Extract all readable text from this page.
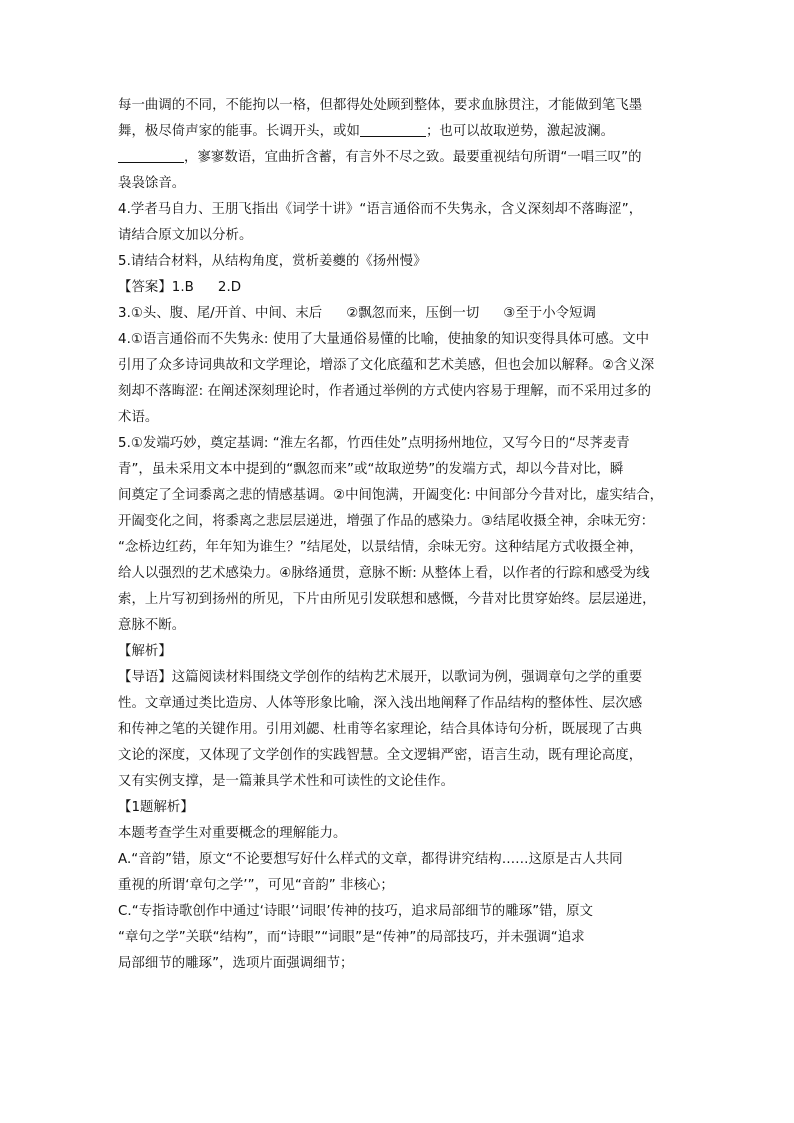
每一曲调的不同，不能拘以一格，但都得处处顾到整体，要求血脉贯注，才能做到笔飞墨
舞，极尽倚声家的能事。长调开头，或如	；也可以故取逆势，激起波澜。
，寥寥数语，宜曲折含蓄，有言外不尽之致。最要重视结句所谓“一唱三叹”的
袅袅馀音。
4.学者马自力、王朋飞指出《词学十讲》“语言通俗而不失隽永，含义深刻却不落晦涩”，
请结合原文加以分析。
5.请结合材料，从结构角度，赏析姜夔的《扬州慢》
【答案】1.B 2.D
3.①头、腹、尾/开首、中间、末后 ②飘忽而来，压倒一切 ③至于小令短调
4.①语言通俗而不失隽永: 使用了大量通俗易懂的比喻，使抽象的知识变得具体可感。文中
引用了众多诗词典故和文学理论，增添了文化底蕴和艺术美感，但也会加以解释。②含义深
刻却不落晦涩: 在阐述深刻理论时，作者通过举例的方式使内容易于理解，而不采用过多的
术语。
5.①发端巧妙，奠定基调: “淮左名都，竹西佳处”点明扬州地位，又写今日的“尽荠麦青
青”，虽未采用文本中提到的“飘忽而来”或“故取逆势”的发端方式，却以今昔对比，瞬
间奠定了全词黍离之悲的情感基调。②中间饱满，开阖变化: 中间部分今昔对比，虚实结合，
开阖变化之间，将黍离之悲层层递进，增强了作品的感染力。③结尾收摄全神，余味无穷：
“念桥边红药，年年知为谁生？”结尾处，以景结情，余味无穷。这种结尾方式收摄全神，
给人以强烈的艺术感染力。④脉络通贯，意脉不断: 从整体上看，以作者的行踪和感受为线
索，上片写初到扬州的所见，下片由所见引发联想和感慨，今昔对比贯穿始终。层层递进，
意脉不断。
【解析】
【导语】这篇阅读材料围绕文学创作的结构艺术展开，以歌词为例，强调章句之学的重要
性。文章通过类比造房、人体等形象比喻，深入浅出地阐释了作品结构的整体性、层次感
和传神之笔的关键作用。引用刘勰、杜甫等名家理论，结合具体诗句分析，既展现了古典
文论的深度，又体现了文学创作的实践智慧。全文逻辑严密，语言生动，既有理论高度，
又有实例支撑，是一篇兼具学术性和可读性的文论佳作。
【1题解析】
本题考查学生对重要概念的理解能力。
A.“音韵”错，原文“不论要想写好什么样式的文章，都得讲究结构……这原是古人共同
重视的所谓‘章句之学’”，可见“音韵” 非核心；
C.“专指诗歌创作中通过‘诗眼’‘词眼’传神的技巧，追求局部细节的雕琢”错，原文
“章句之学”关联“结构”，而“诗眼”“词眼”是“传神”的局部技巧，并未强调“追求
局部细节的雕琢”，选项片面强调细节；
